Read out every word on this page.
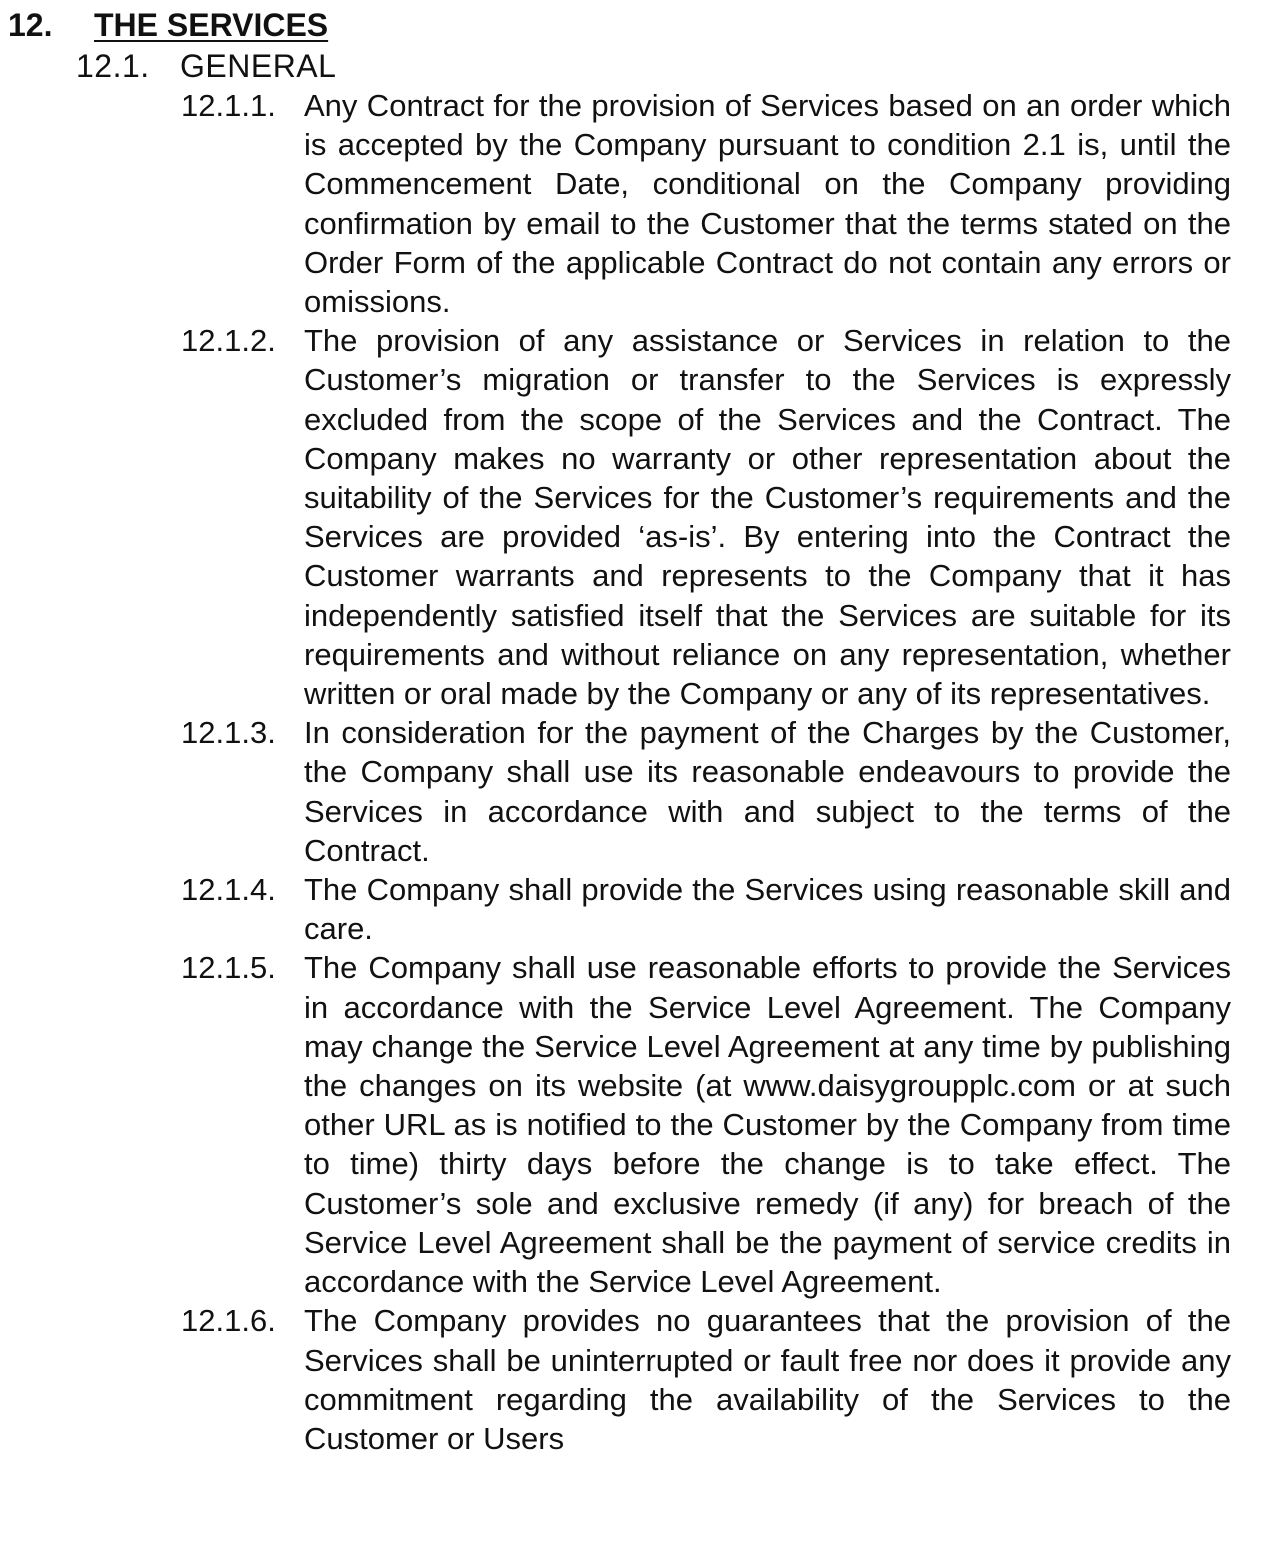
12. THE SERVICES
12.1. GENERAL
12.1.1. Any Contract for the provision of Services based on an order which is accepted by the Company pursuant to condition 2.1 is, until the Commencement Date, conditional on the Company providing confirmation by email to the Customer that the terms stated on the Order Form of the applicable Contract do not contain any errors or omissions.
12.1.2. The provision of any assistance or Services in relation to the Customer’s migration or transfer to the Services is expressly excluded from the scope of the Services and the Contract. The Company makes no warranty or other representation about the suitability of the Services for the Customer’s requirements and the Services are provided ‘as-is’. By entering into the Contract the Customer warrants and represents to the Company that it has independently satisfied itself that the Services are suitable for its requirements and without reliance on any representation, whether written or oral made by the Company or any of its representatives.
12.1.3. In consideration for the payment of the Charges by the Customer, the Company shall use its reasonable endeavours to provide the Services in accordance with and subject to the terms of the Contract.
12.1.4. The Company shall provide the Services using reasonable skill and care.
12.1.5. The Company shall use reasonable efforts to provide the Services in accordance with the Service Level Agreement. The Company may change the Service Level Agreement at any time by publishing the changes on its website (at www.daisygroupplc.com or at such other URL as is notified to the Customer by the Company from time to time) thirty days before the change is to take effect. The Customer’s sole and exclusive remedy (if any) for breach of the Service Level Agreement shall be the payment of service credits in accordance with the Service Level Agreement.
12.1.6. The Company provides no guarantees that the provision of the Services shall be uninterrupted or fault free nor does it provide any commitment regarding the availability of the Services to the Customer or Users
